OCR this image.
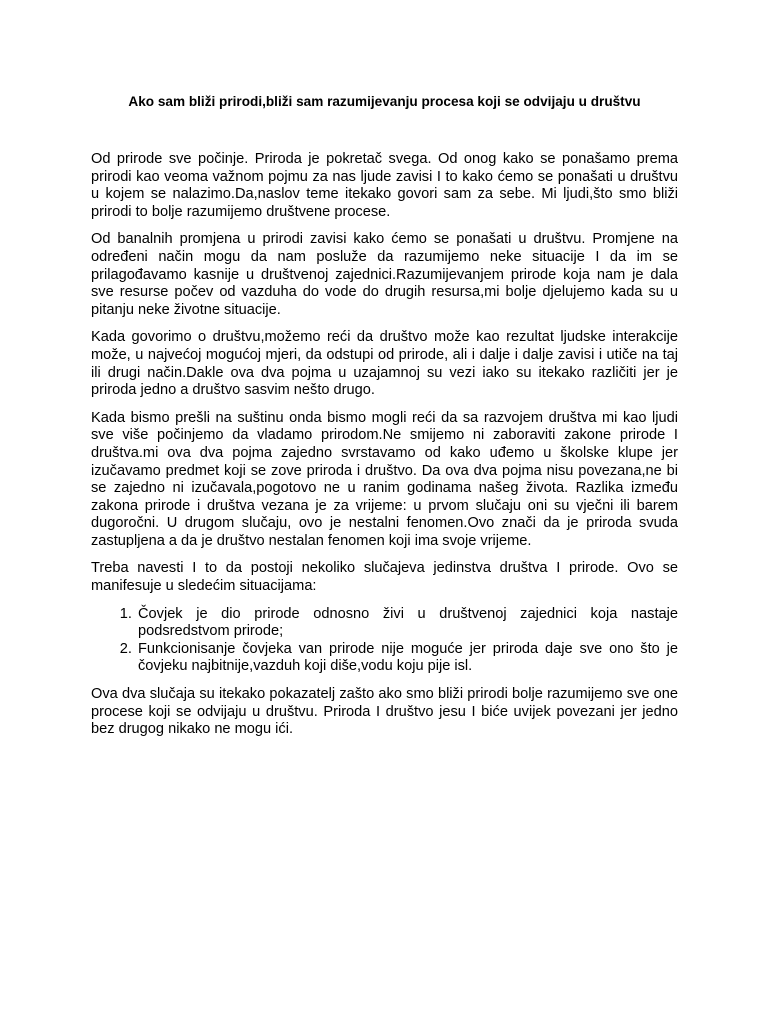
Ako sam bliži prirodi,bliži sam razumijevanju procesa koji se odvijaju u društvu

Od prirode sve počinje. Priroda je pokretač svega. Od onog kako se ponašamo prema prirodi kao veoma važnom pojmu za nas ljude zavisi I to kako ćemo se ponašati u društvu u kojem se nalazimo.Da,naslov teme itekako govori sam za sebe. Mi ljudi,što smo bliži prirodi to bolje razumijemo društvene procese.

Od banalnih promjena u prirodi zavisi kako ćemo se ponašati u društvu. Promjene na određeni način mogu da nam posluže da razumijemo neke situacije I da im se prilagođavamo kasnije u društvenoj zajednici.Razumijevanjem prirode koja nam je dala sve resurse počev od vazduha do vode do drugih resursa,mi bolje djelujemo kada su u pitanju neke životne situacije.

Kada govorimo o društvu,možemo reći da društvo može kao rezultat ljudske interakcije može, u najvećoj mogućoj mjeri, da odstupi od prirode, ali i dalje i dalje zavisi i utiče na taj ili drugi način.Dakle ova dva pojma u uzajamnoj su vezi iako su itekako različiti jer je priroda jedno a društvo sasvim nešto drugo.

Kada bismo prešli na suštinu onda bismo mogli reći da sa razvojem društva mi kao ljudi sve više počinjemo da vladamo prirodom.Ne smijemo ni zaboraviti zakone prirode I društva.mi ova dva pojma zajedno svrstavamo od kako uđemo u školske klupe jer izučavamo predmet koji se zove priroda i društvo. Da ova dva pojma nisu povezana,ne bi se zajedno ni izučavala,pogotovo ne u ranim godinama našeg života. Razlika između zakona prirode i društva vezana je za vrijeme: u prvom slučaju oni su vječni ili barem dugoročni. U drugom slučaju, ovo je nestalni fenomen.Ovo znači da je priroda svuda zastupljena a da je društvo nestalan fenomen koji ima svoje vrijeme.

Treba navesti I to da postoji nekoliko slučajeva jedinstva društva I prirode. Ovo se manifesuje u sledećim situacijama:

1. Čovjek je dio prirode odnosno živi u društvenoj zajednici koja nastaje podsredstvom prirode;
2. Funkcionisanje čovjeka van prirode nije moguće jer priroda daje sve ono što je čovjeku najbitnije,vazduh koji diše,vodu koju pije isl.

Ova dva slučaja su itekako pokazatelj zašto ako smo bliži prirodi bolje razumijemo sve one procese koji se odvijaju u društvu. Priroda I društvo jesu I biće uvijek povezani jer jedno bez drugog nikako ne mogu ići.
